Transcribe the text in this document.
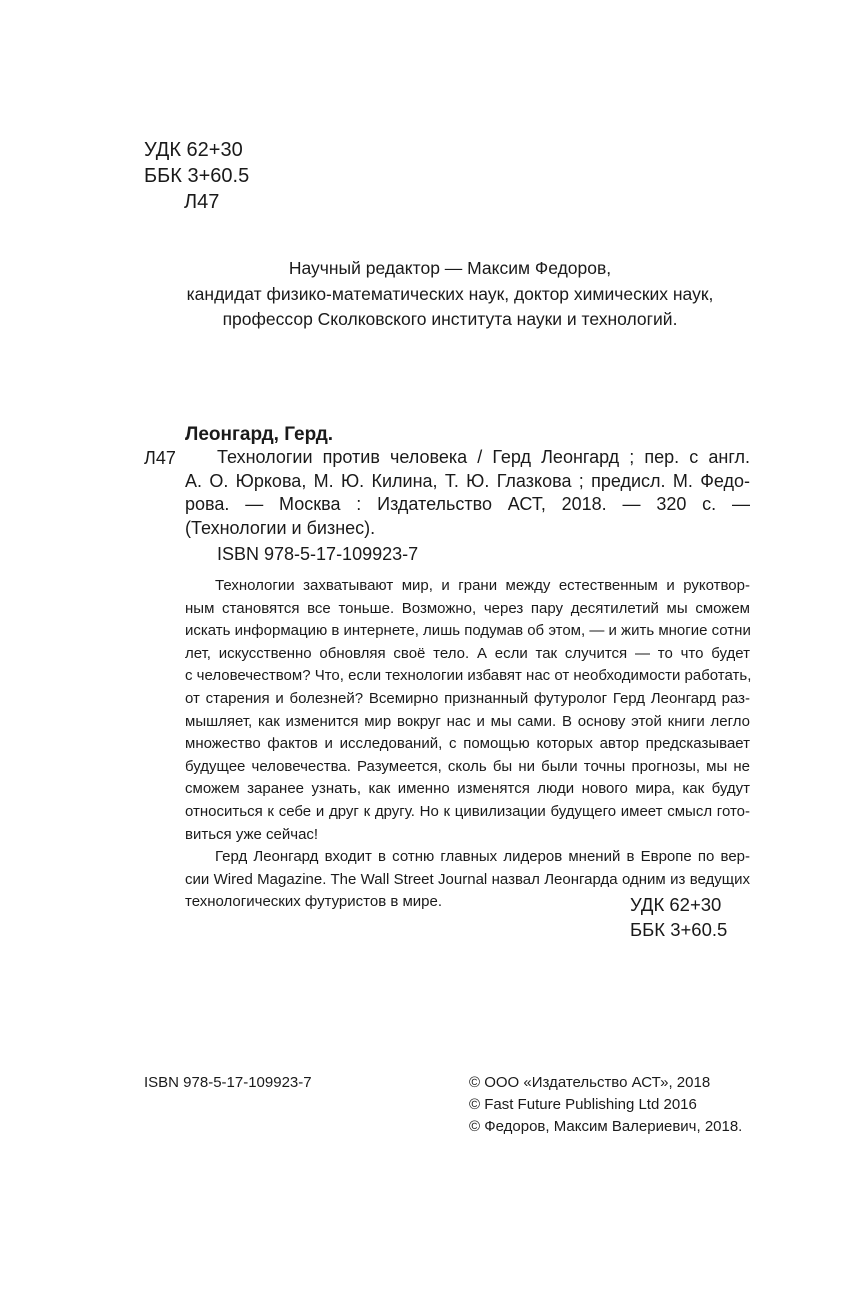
УДК 62+30
ББК 3+60.5
Л47
Научный редактор — Максим Федоров,
кандидат физико-математических наук, доктор химических наук,
профессор Сколковского института науки и технологий.
Леонгард, Герд.
Л47	Технологии против человека / Герд Леонгард ; пер. с англ.
А. О. Юркова, М. Ю. Килина, Т. Ю. Глазкова ; предисл. М. Федо-
рова. — Москва : Издательство АСТ, 2018. — 320 с. —
(Технологии и бизнес).
ISBN 978-5-17-109923-7

Технологии захватывают мир, и грани между естественным и рукотвор-
ным становятся все тоньше. Возможно, через пару десятилетий мы сможем
искать информацию в интернете, лишь подумав об этом, — и жить многие сотни
лет, искусственно обновляя своё тело. А если так случится — то что будет
с человечеством? Что, если технологии избавят нас от необходимости работать,
от старения и болезней? Всемирно признанный футуролог Герд Леонгард раз-
мышляет, как изменится мир вокруг нас и мы сами. В основу этой книги легло
множество фактов и исследований, с помощью которых автор предсказывает
будущее человечества. Разумеется, сколь бы ни были точны прогнозы, мы не
сможем заранее узнать, как именно изменятся люди нового мира, как будут
относиться к себе и друг к другу. Но к цивилизации будущего имеет смысл гото-
виться уже сейчас!

Герд Леонгард входит в сотню главных лидеров мнений в Европе по вер-
сии Wired Magazine. The Wall Street Journal назвал Леонгарда одним из ведущих
технологических футуристов в мире.	УДК 62+30
ББК 3+60.5
ISBN 978-5-17-109923-7	© ООО «Издательство АСТ», 2018
© Fast Future Publishing Ltd 2016
© Федоров, Максим Валериевич, 2018.
